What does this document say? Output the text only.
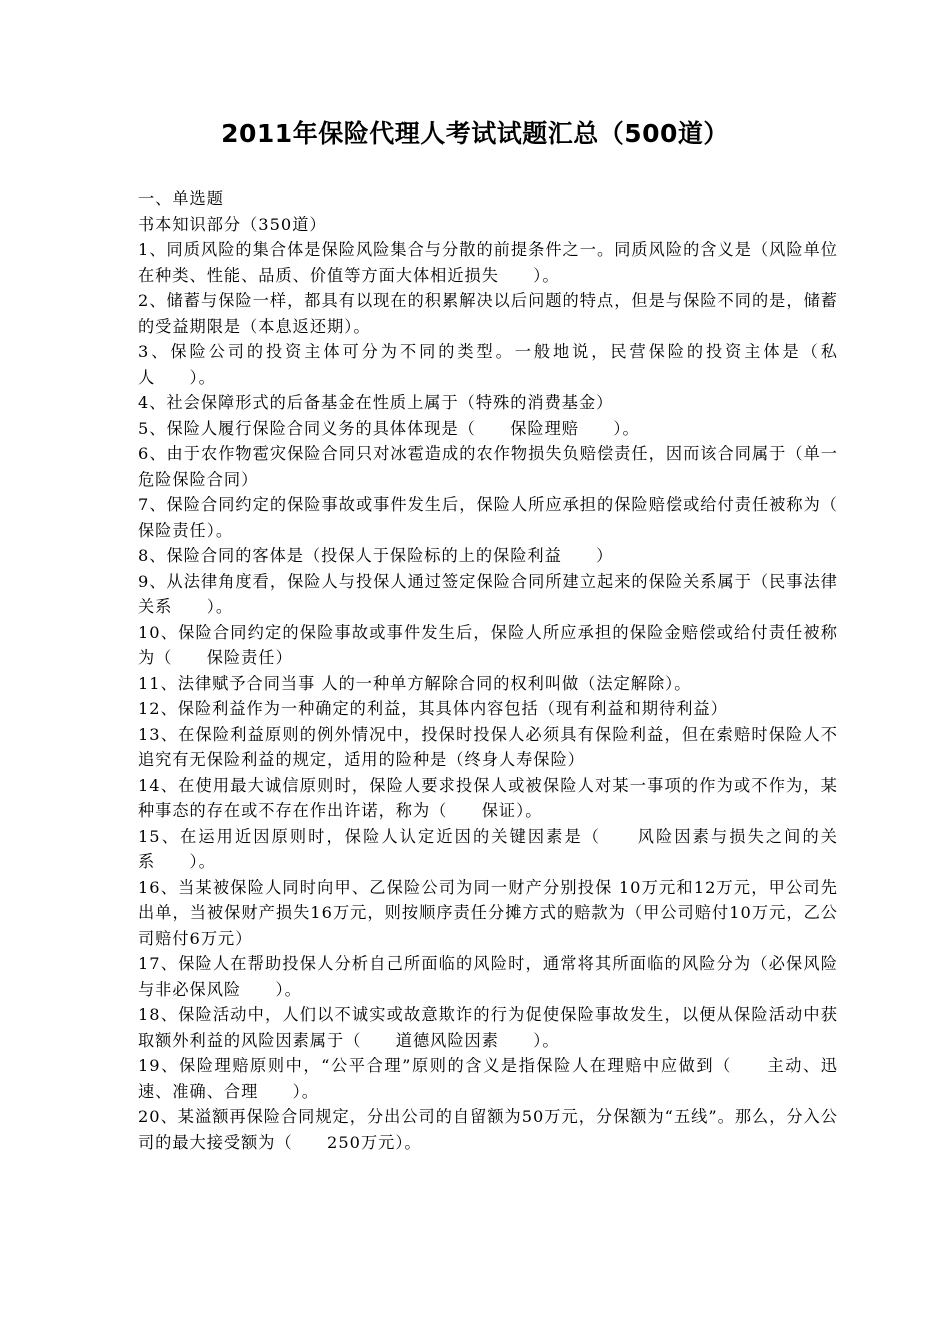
2011年保险代理人考试试题汇总（500道）

一、单选题

书本知识部分（350道）

1、同质风险的集合体是保险风险集合与分散的前提条件之一。同质风险的含义是（风险单位在种类、性能、品质、价值等方面大体相近损失　　）。

2、储蓄与保险一样，都具有以现在的积累解决以后问题的特点，但是与保险不同的是，储蓄的受益期限是（本息返还期）。

3、保险公司的投资主体可分为不同的类型。一般地说，民营保险的投资主体是（私人　　）。

4、社会保障形式的后备基金在性质上属于（特殊的消费基金）

5、保险人履行保险合同义务的具体体现是（　　保险理赔　　）。

6、由于农作物雹灾保险合同只对冰雹造成的农作物损失负赔偿责任，因而该合同属于（单一危险保险合同）

7、保险合同约定的保险事故或事件发生后，保险人所应承担的保险赔偿或给付责任被称为（　　保险责任）。

8、保险合同的客体是（投保人于保险标的上的保险利益　　）

9、从法律角度看，保险人与投保人通过签定保险合同所建立起来的保险关系属于（民事法律关系　　）。

10、保险合同约定的保险事故或事件发生后，保险人所应承担的保险金赔偿或给付责任被称为（　　保险责任）

11、法律赋予合同当事 人的一种单方解除合同的权利叫做（法定解除）。

12、保险利益作为一种确定的利益，其具体内容包括（现有利益和期待利益）

13、在保险利益原则的例外情况中，投保时投保人必须具有保险利益，但在索赔时保险人不追究有无保险利益的规定，适用的险种是（终身人寿保险）

14、在使用最大诚信原则时，保险人要求投保人或被保险人对某一事项的作为或不作为，某种事态的存在或不存在作出许诺，称为（　　保证）。

15、在运用近因原则时，保险人认定近因的关键因素是（　　风险因素与损失之间的关系　　）。

16、当某被保险人同时向甲、乙保险公司为同一财产分别投保 10万元和12万元，甲公司先出单，当被保财产损失16万元，则按顺序责任分摊方式的赔款为（甲公司赔付10万元，乙公司赔付6万元）

17、保险人在帮助投保人分析自己所面临的风险时，通常将其所面临的风险分为（必保风险与非必保风险　　）。

18、保险活动中，人们以不诚实或故意欺诈的行为促使保险事故发生，以便从保险活动中获取额外利益的风险因素属于（　　道德风险因素　　）。

19、保险理赔原则中，“公平合理”原则的含义是指保险人在理赔中应做到（　　主动、迅速、准确、合理　　）。

20、某溢额再保险合同规定，分出公司的自留额为50万元，分保额为“五线”。那么，分入公司的最大接受额为（　　250万元）。
